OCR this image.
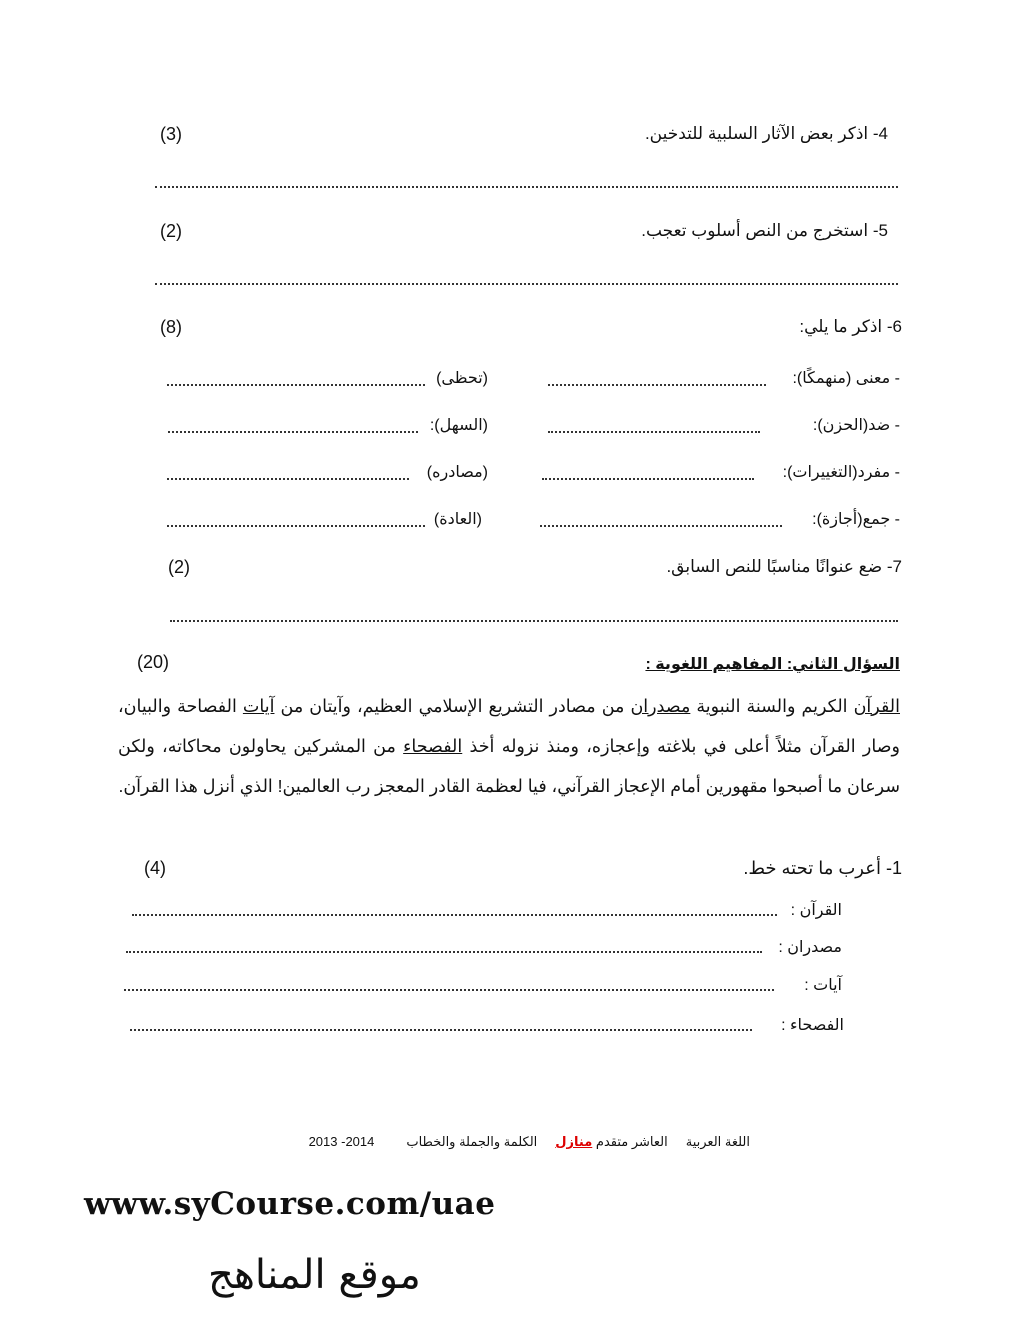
4- اذكر بعض الآثار السلبية للتدخين.
(3)
5- استخرج من النص أسلوب تعجب.
(2)
6- اذكر ما يلي:
(8)
- معنى (منهمكًا):
(تحظى)
- ضد(الحزن):
(السهل):
- مفرد(التغييرات):
(مصادره)
- جمع(أجازة):
(العادة)
7- ضع عنوانًا مناسبًا للنص السابق.
(2)
السؤال الثاني: المفاهيم اللغوية :
(20)
القرآن الكريم والسنة النبوية مصدران من مصادر التشريع الإسلامي العظيم، وآيتان من آيات الفصاحة والبيان، وصار القرآن مثلاً أعلى في بلاغته وإعجازه، ومنذ نزوله أخذ الفصحاء من المشركين يحاولون محاكاته، ولكن سرعان ما أصبحوا مقهورين أمام الإعجاز القرآني، فيا لعظمة القادر المعجز رب العالمين! الذي أنزل هذا القرآن.
1- أعرب ما تحته خط.
(4)
القرآن :
مصدران :
آيات :
الفصحاء :
اللغة العربية
العاشر متقدم منازل
الكلمة والجملة والخطاب
2013 -2014
www.syCourse.com/uae
موقع المناهج
